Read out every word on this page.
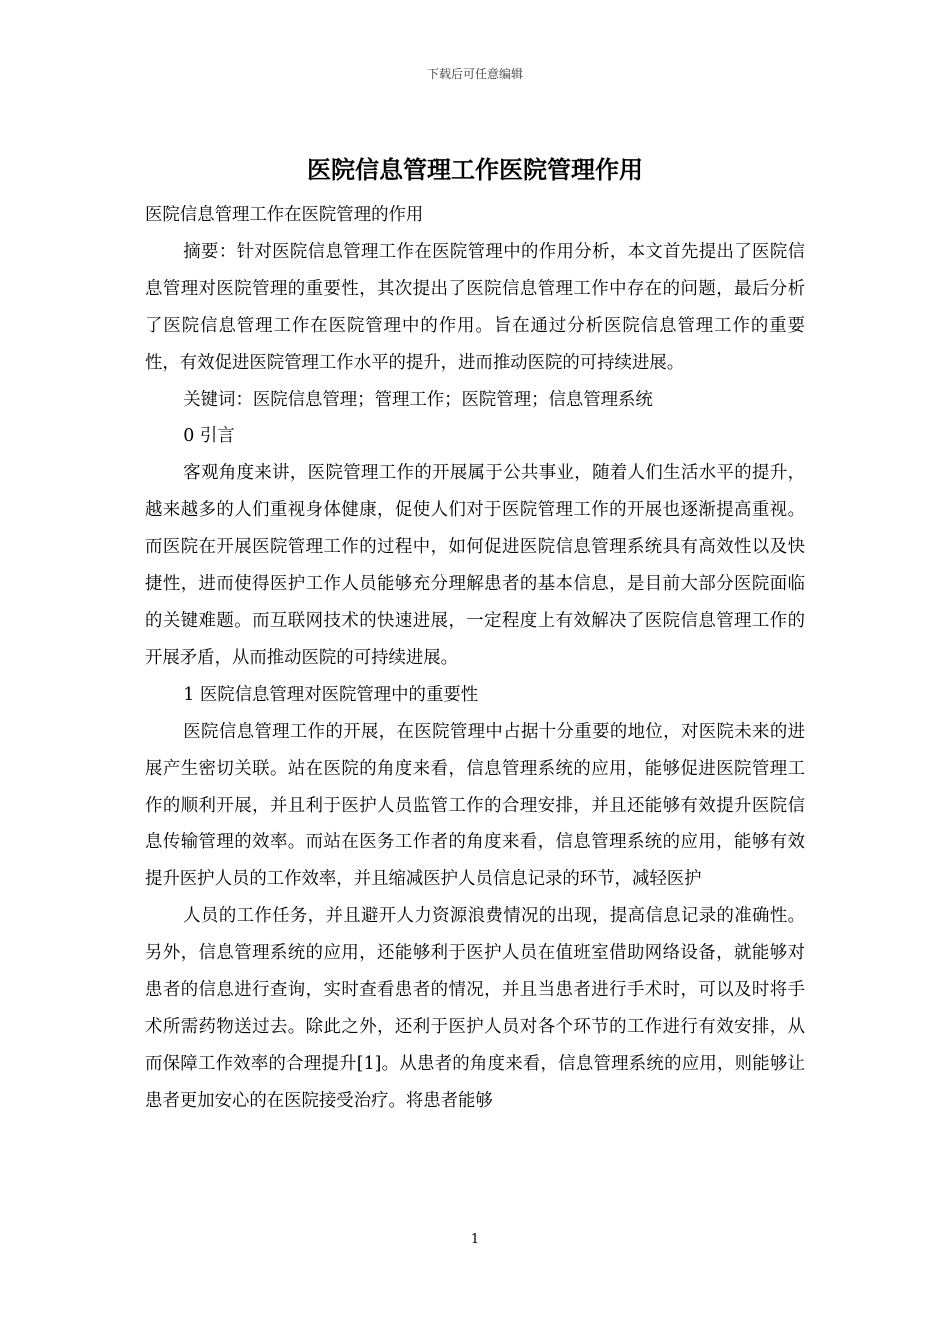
下载后可任意编辑
医院信息管理工作医院管理作用

医院信息管理工作在医院管理的作用

摘要：针对医院信息管理工作在医院管理中的作用分析，本文首先提出了医院信息管理对医院管理的重要性，其次提出了医院信息管理工作中存在的问题，最后分析了医院信息管理工作在医院管理中的作用。旨在通过分析医院信息管理工作的重要性，有效促进医院管理工作水平的提升，进而推动医院的可持续进展。

关键词：医院信息管理；管理工作；医院管理；信息管理系统

0 引言

客观角度来讲，医院管理工作的开展属于公共事业，随着人们生活水平的提升，越来越多的人们重视身体健康，促使人们对于医院管理工作的开展也逐渐提高重视。而医院在开展医院管理工作的过程中，如何促进医院信息管理系统具有高效性以及快捷性，进而使得医护工作人员能够充分理解患者的基本信息，是目前大部分医院面临的关键难题。而互联网技术的快速进展，一定程度上有效解决了医院信息管理工作的开展矛盾，从而推动医院的可持续进展。

1 医院信息管理对医院管理中的重要性

医院信息管理工作的开展，在医院管理中占据十分重要的地位，对医院未来的进展产生密切关联。站在医院的角度来看，信息管理系统的应用，能够促进医院管理工作的顺利开展，并且利于医护人员监管工作的合理安排，并且还能够有效提升医院信息传输管理的效率。而站在医务工作者的角度来看，信息管理系统的应用，能够有效提升医护人员的工作效率，并且缩减医护人员信息记录的环节，减轻医护

人员的工作任务，并且避开人力资源浪费情况的出现，提高信息记录的准确性。另外，信息管理系统的应用，还能够利于医护人员在值班室借助网络设备，就能够对患者的信息进行查询，实时查看患者的情况，并且当患者进行手术时，可以及时将手术所需药物送过去。除此之外，还利于医护人员对各个环节的工作进行有效安排，从而保障工作效率的合理提升[1]。从患者的角度来看，信息管理系统的应用，则能够让患者更加安心的在医院接受治疗。将患者能够

1
